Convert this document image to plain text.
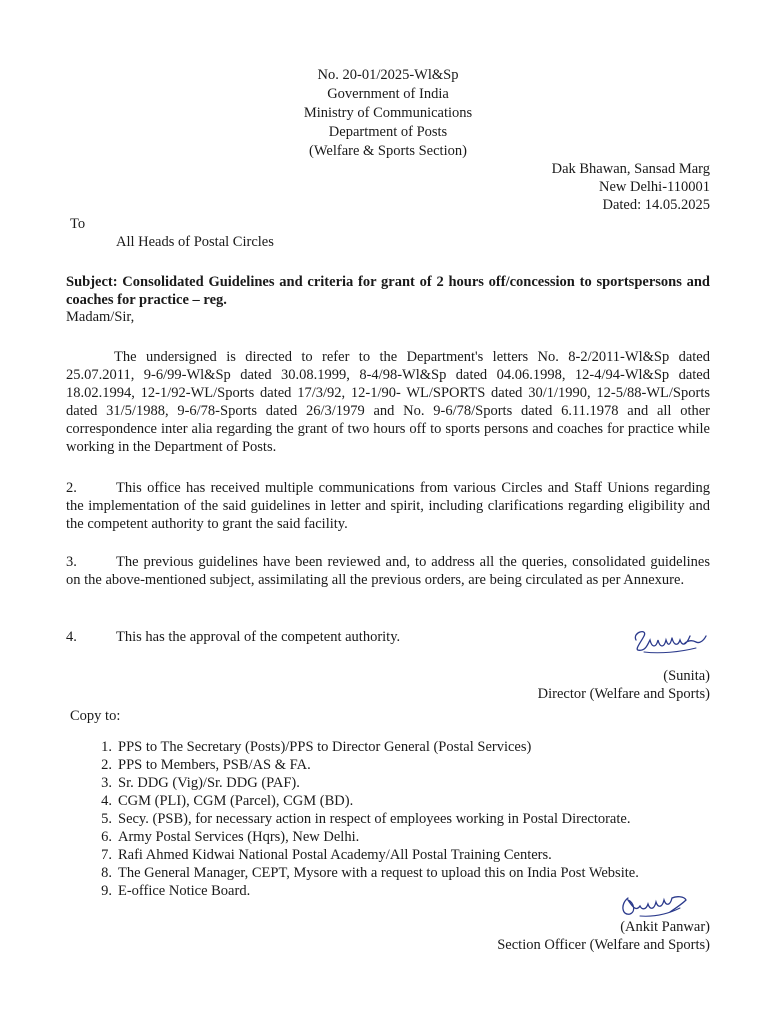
No. 20-01/2025-Wl&Sp
Government of India
Ministry of Communications
Department of Posts
(Welfare & Sports Section)
Dak Bhawan, Sansad Marg
New Delhi-110001
Dated: 14.05.2025
To
All Heads of Postal Circles
Subject: Consolidated Guidelines and criteria for grant of 2 hours off/concession to sportspersons and coaches for practice – reg.
Madam/Sir,
The undersigned is directed to refer to the Department's letters No. 8-2/2011-Wl&Sp dated 25.07.2011, 9-6/99-Wl&Sp dated 30.08.1999, 8-4/98-Wl&Sp dated 04.06.1998, 12-4/94-Wl&Sp dated 18.02.1994, 12-1/92-WL/Sports dated 17/3/92, 12-1/90- WL/SPORTS dated 30/1/1990, 12-5/88-WL/Sports dated 31/5/1988, 9-6/78-Sports dated 26/3/1979 and No. 9-6/78/Sports dated 6.11.1978 and all other correspondence inter alia regarding the grant of two hours off to sports persons and coaches for practice while working in the Department of Posts.
2.	This office has received multiple communications from various Circles and Staff Unions regarding the implementation of the said guidelines in letter and spirit, including clarifications regarding eligibility and the competent authority to grant the said facility.
3.	The previous guidelines have been reviewed and, to address all the queries, consolidated guidelines on the above-mentioned subject, assimilating all the previous orders, are being circulated as per Annexure.
4.	This has the approval of the competent authority.
(Sunita)
Director (Welfare and Sports)
Copy to:
1. PPS to The Secretary (Posts)/PPS to Director General (Postal Services)
2. PPS to Members, PSB/AS & FA.
3. Sr. DDG (Vig)/Sr. DDG (PAF).
4. CGM (PLI), CGM (Parcel), CGM (BD).
5. Secy. (PSB), for necessary action in respect of employees working in Postal Directorate.
6. Army Postal Services (Hqrs), New Delhi.
7. Rafi Ahmed Kidwai National Postal Academy/All Postal Training Centers.
8. The General Manager, CEPT, Mysore with a request to upload this on India Post Website.
9. E-office Notice Board.
(Ankit Panwar)
Section Officer (Welfare and Sports)
